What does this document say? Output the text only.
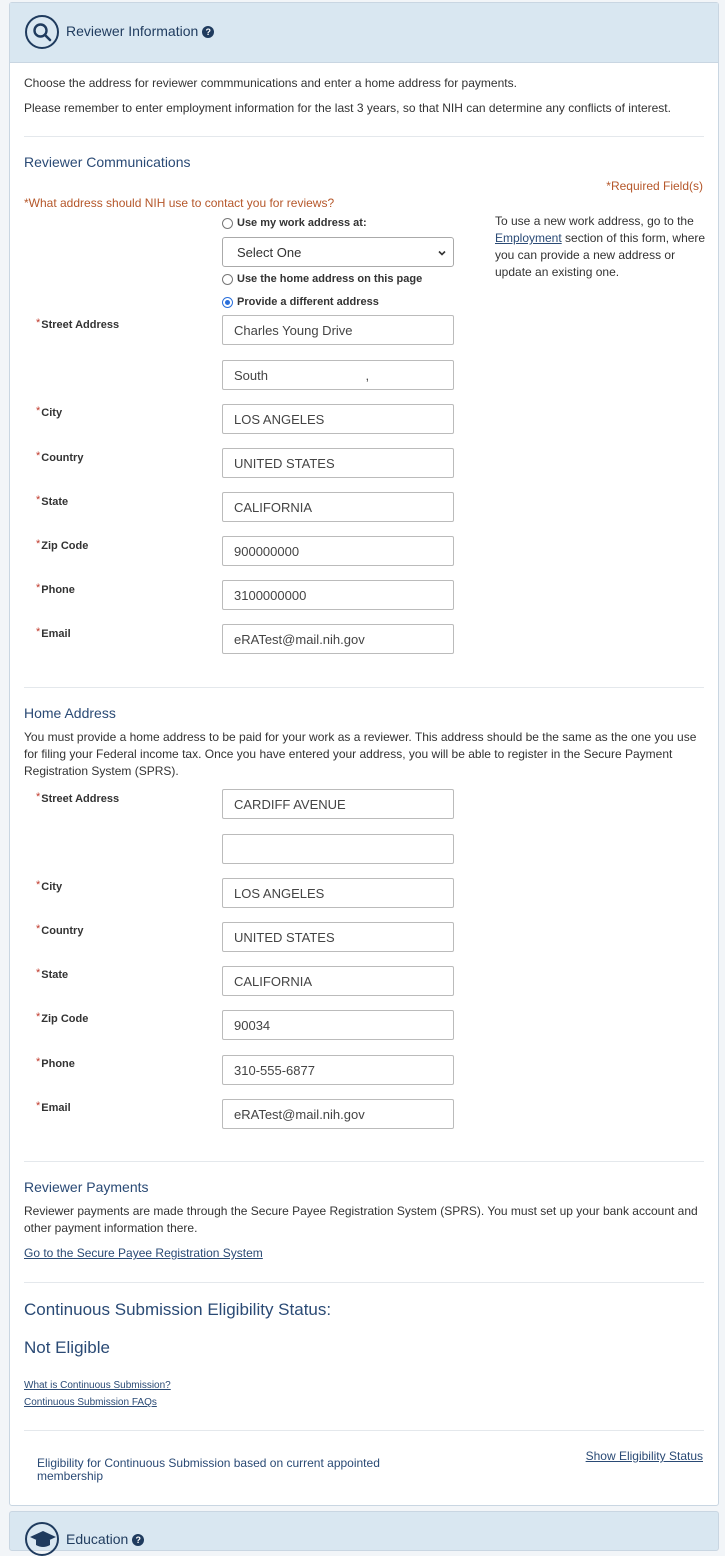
Reviewer Information ?
Choose the address for reviewer commmunications and enter a home address for payments.
Please remember to enter employment information for the last 3 years, so that NIH can determine any conflicts of interest.
Reviewer Communications
*Required Field(s)
*What address should NIH use to contact you for reviews?
Use my work address at:
Select One
Use the home address on this page
Provide a different address
To use a new work address, go to the Employment section of this form, where you can provide a new address or update an existing one.
*Street Address	Charles Young Drive
South                           ,
*City	LOS ANGELES
*Country	UNITED STATES
*State	CALIFORNIA
*Zip Code	900000000
*Phone	3100000000
*Email	eRATest@mail.nih.gov
Home Address
You must provide a home address to be paid for your work as a reviewer. This address should be the same as the one you use for filing your Federal income tax. Once you have entered your address, you will be able to register in the Secure Payment Registration System (SPRS).
*Street Address	CARDIFF AVENUE
*City	LOS ANGELES
*Country	UNITED STATES
*State	CALIFORNIA
*Zip Code	90034
*Phone	310-555-6877
*Email	eRATest@mail.nih.gov
Reviewer Payments
Reviewer payments are made through the Secure Payee Registration System (SPRS). You must set up your bank account and other payment information there.
Go to the Secure Payee Registration System
Continuous Submission Eligibility Status:
Not Eligible
What is Continuous Submission?
Continuous Submission FAQs
Eligibility for Continuous Submission based on current appointed membership
Show Eligibility Status
Education ?
